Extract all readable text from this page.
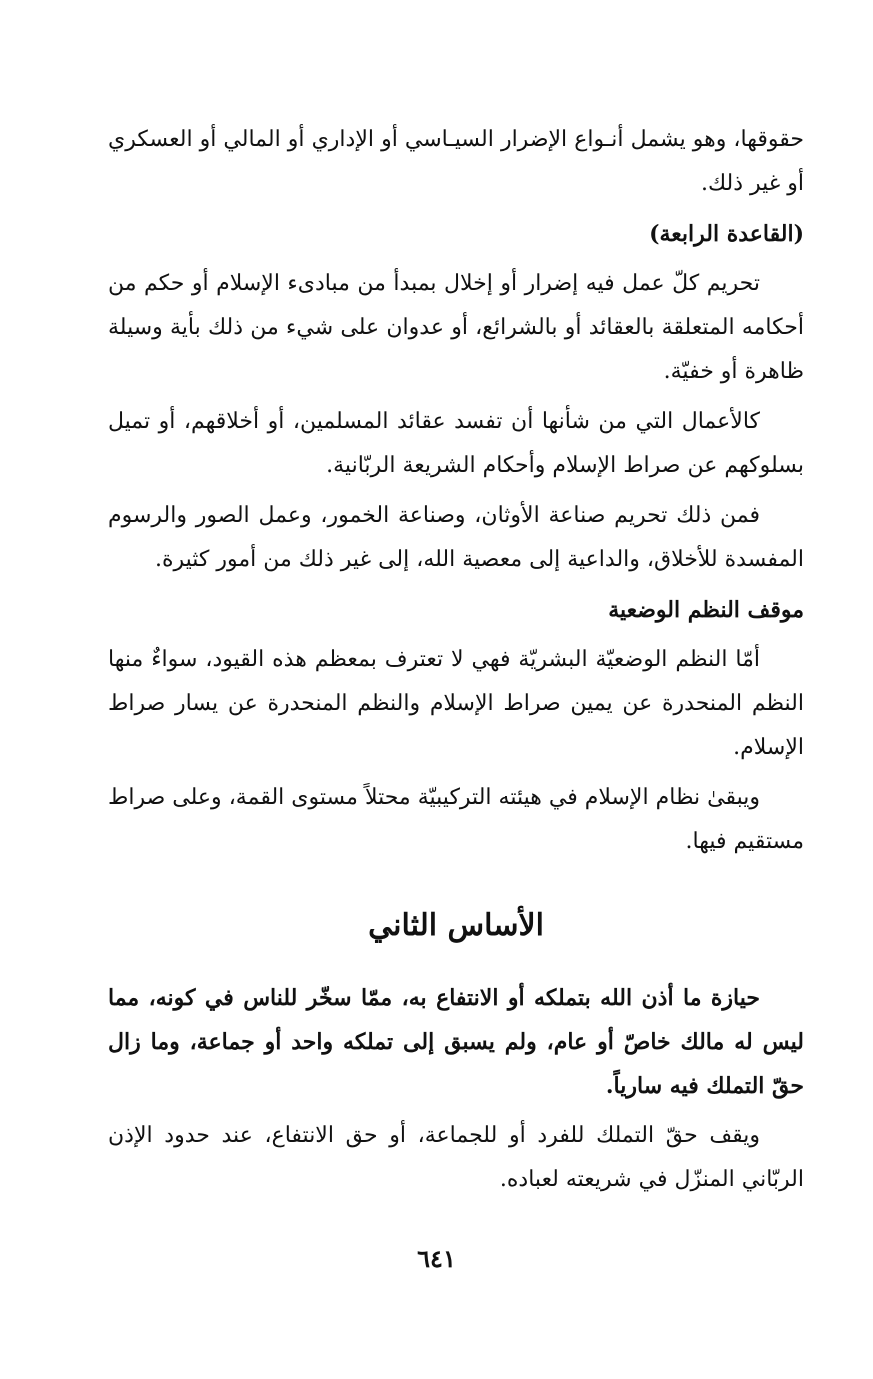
حقوقها، وهو يشمل أنـواع الإضرار السيـاسي أو الإداري أو المالي أو العسكري أو غير ذلك.

(القاعدة الرابعة)

تحريم كلّ عمل فيه إضرار أو إخلال بمبدأ من مبادىء الإسلام أو حكم من أحكامه المتعلقة بالعقائد أو بالشرائع، أو عدوان على شيء من ذلك بأية وسيلة ظاهرة أو خفيّة.

كالأعمال التي من شأنها أن تفسد عقائد المسلمين، أو أخلاقهم، أو تميل بسلوكهم عن صراط الإسلام وأحكام الشريعة الربّانية.

فمن ذلك تحريم صناعة الأوثان، وصناعة الخمور، وعمل الصور والرسوم المفسدة للأخلاق، والداعية إلى معصية الله، إلى غير ذلك من أمور كثيرة.

موقف النظم الوضعية

أمّا النظم الوضعيّة البشريّة فهي لا تعترف بمعظم هذه القيود، سواءٌ منها النظم المنحدرة عن يمين صراط الإسلام والنظم المنحدرة عن يسار صراط الإسلام.

ويبقىٰ نظام الإسلام في هيئته التركيبيّة محتلاً مستوى القمة، وعلى صراط مستقيم فيها.

الأساس الثاني

حيازة ما أذن الله بتملكه أو الانتفاع به، ممّا سخّر للناس في كونه، مما ليس له مالك خاصّ أو عام، ولم يسبق إلى تملكه واحد أو جماعة، وما زال حقّ التملك فيه سارياً.

ويقف حقّ التملك للفرد أو للجماعة، أو حق الانتفاع، عند حدود الإذن الربّاني المنزّل في شريعته لعباده.

٦٤١
